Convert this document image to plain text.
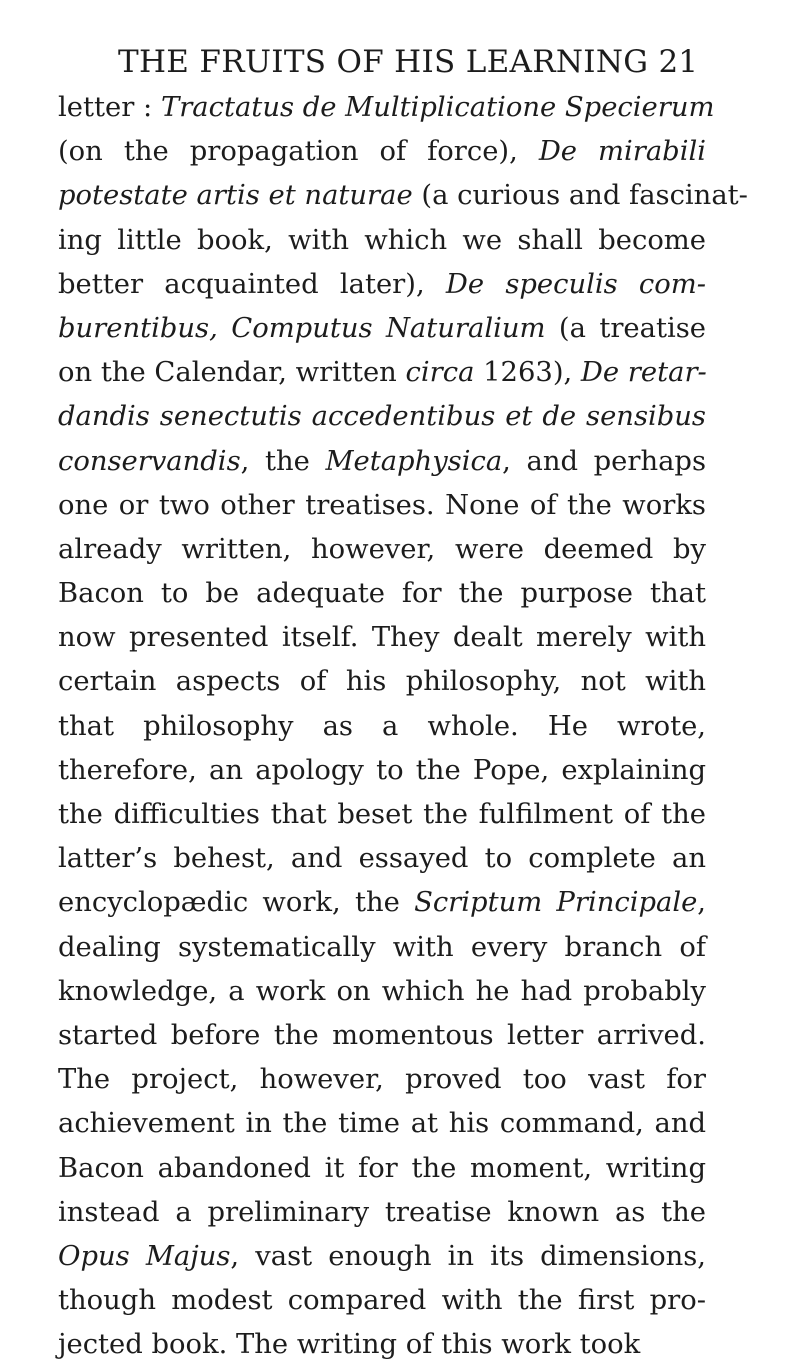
THE FRUITS OF HIS LEARNING 21
letter : Tractatus de Multiplicatione Specierum
(on the propagation of force), De mirabili
potestate artis et naturae (a curious and fascinat-
ing little book, with which we shall become
better acquainted later), De speculis com-
burentibus, Computus Naturalium (a treatise
on the Calendar, written circa 1263), De retar-
dandis senectutis accedentibus et de sensibus
conservandis, the Metaphysica, and perhaps
one or two other treatises. None of the works
already written, however, were deemed by
Bacon to be adequate for the purpose that
now presented itself. They dealt merely with
certain aspects of his philosophy, not with
that philosophy as a whole. He wrote,
therefore, an apology to the Pope, explaining
the difficulties that beset the fulfilment of the
latter’s behest, and essayed to complete an
encyclopædic work, the Scriptum Principale,
dealing systematically with every branch of
knowledge, a work on which he had probably
started before the momentous letter arrived.
The project, however, proved too vast for
achievement in the time at his command, and
Bacon abandoned it for the moment, writing
instead a preliminary treatise known as the
Opus Majus, vast enough in its dimensions,
though modest compared with the first pro-
jected book. The writing of this work took
